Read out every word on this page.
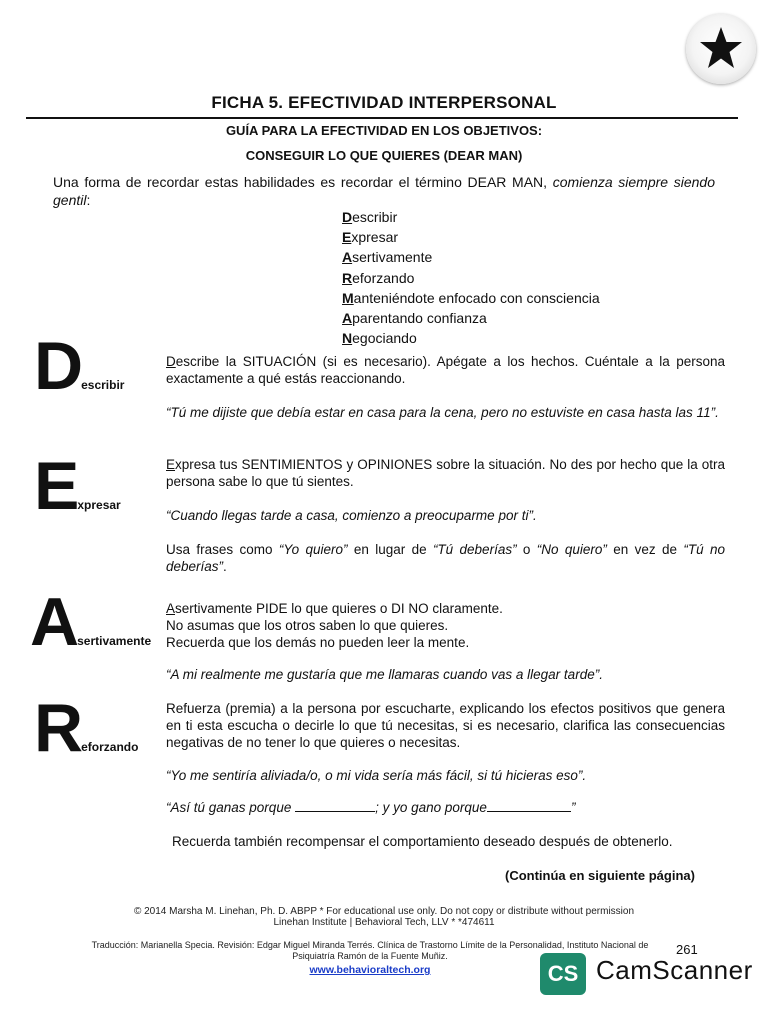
FICHA 5. EFECTIVIDAD INTERPERSONAL
GUÍA PARA LA EFECTIVIDAD EN LOS OBJETIVOS:
CONSEGUIR LO QUE QUIERES (DEAR MAN)
Una forma de recordar estas habilidades es recordar el término DEAR MAN, comienza siempre siendo gentil:
Describir
Expresar
Asertivamente
Reforzando
Manteniéndote enfocado con consciencia
Aparentando confianza
Negociando
Describir
Describe la SITUACIÓN (si es necesario). Apégate a los hechos. Cuéntale a la persona exactamente a qué estás reaccionando.
“Tú me dijiste que debía estar en casa para la cena, pero no estuviste en casa hasta las 11”.
Expresar
Expresa tus SENTIMIENTOS y OPINIONES sobre la situación. No des por hecho que la otra persona sabe lo que tú sientes.
“Cuando llegas tarde a casa, comienzo a preocuparme por ti”.
Usa frases como “Yo quiero” en lugar de “Tú deberías” o “No quiero” en vez de “Tú no deberías”.
Asertivamente
Asertivamente PIDE lo que quieres o DI NO claramente.
No asumas que los otros saben lo que quieres.
Recuerda que los demás no pueden leer la mente.
“A mi realmente me gustaría que me llamaras cuando vas a llegar tarde”.
Reforzando
Refuerza (premia) a la persona por escucharte, explicando los efectos positivos que genera en ti esta escucha o decirle lo que tú necesitas, si es necesario, clarifica las consecuencias negativas de no tener lo que quieres o necesitas.
“Yo me sentiría aliviada/o, o mi vida sería más fácil, si tú hicieras eso”.
“Así tú ganas porque	; y yo gano porque	”
Recuerda también recompensar el comportamiento deseado después de obtenerlo.
(Continúa en siguiente página)
© 2014 Marsha M. Linehan, Ph. D. ABPP * For educational use only. Do not copy or distribute without permission
Linehan Institute | Behavioral Tech, LLV * *474611
Traducción: Marianella Specia. Revisión: Edgar Miguel Miranda Terrés. Clínica de Trastorno Límite de la Personalidad, Instituto Nacional de
Psiquiatría Ramón de la Fuente Muñiz.
www.behavioraltech.org
261
CS CamScanner
